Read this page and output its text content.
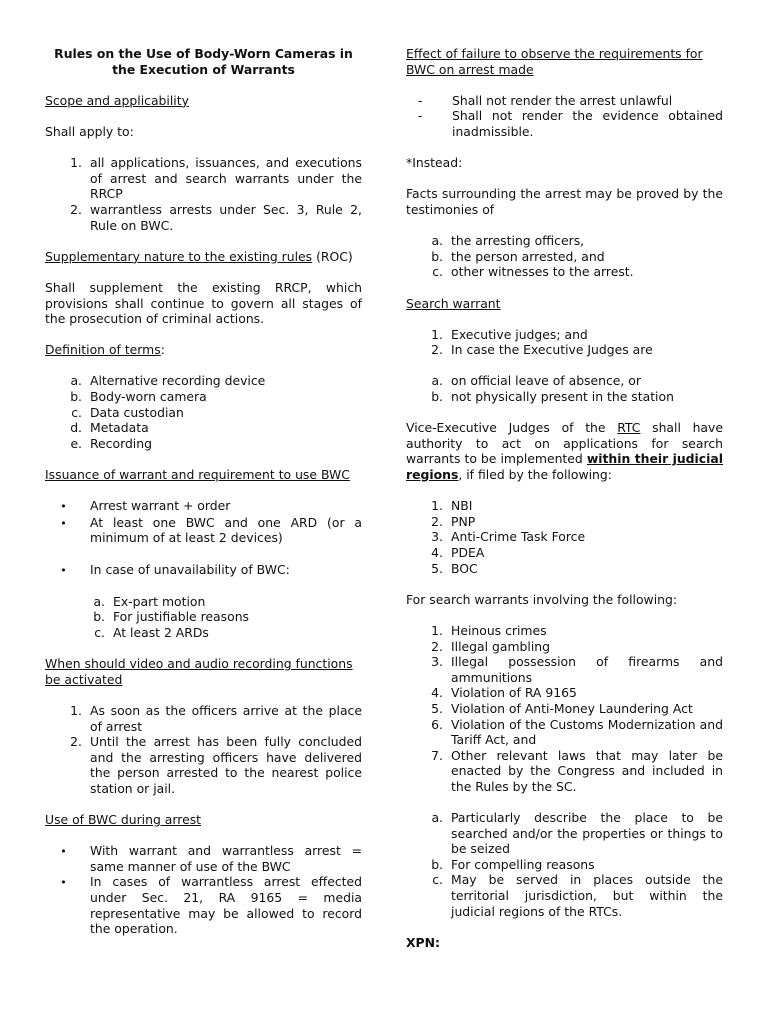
Rules on the Use of Body-Worn Cameras in the Execution of Warrants

Scope and applicability

Shall apply to:

1. all applications, issuances, and executions of arrest and search warrants under the RRCP
2. warrantless arrests under Sec. 3, Rule 2, Rule on BWC.

Supplementary nature to the existing rules (ROC)

Shall supplement the existing RRCP, which provisions shall continue to govern all stages of the prosecution of criminal actions.

Definition of terms:

a. Alternative recording device
b. Body-worn camera
c. Data custodian
d. Metadata
e. Recording

Issuance of warrant and requirement to use BWC

•
Arrest warrant + order
•
At least one BWC and one ARD (or a minimum of at least 2 devices)
•
In case of unavailability of BWC:
a. Ex-part motion
b. For justifiable reasons
c. At least 2 ARDs

When should video and audio recording functions be activated

1. As soon as the officers arrive at the place of arrest
2. Until the arrest has been fully concluded and the arresting officers have delivered the person arrested to the nearest police station or jail.

Use of BWC during arrest

•
With warrant and warrantless arrest = same manner of use of the BWC
•
In cases of warrantless arrest effected under Sec. 21, RA 9165 = media representative may be allowed to record the operation.

Effect of failure to observe the requirements for BWC on arrest made

-	Shall not render the arrest unlawful
-	Shall not render the evidence obtained inadmissible.

*Instead:

Facts surrounding the arrest may be proved by the testimonies of

a. the arresting officers,
b. the person arrested, and
c. other witnesses to the arrest.

Search warrant

1. Executive judges; and
2. In case the Executive Judges are
a. on official leave of absence, or
b. not physically present in the station

Vice-Executive Judges of the RTC shall have authority to act on applications for search warrants to be implemented within their judicial regions, if filed by the following:

1. NBI
2. PNP
3. Anti-Crime Task Force
4. PDEA
5. BOC

For search warrants involving the following:

1. Heinous crimes
2. Illegal gambling
3. Illegal possession of firearms and ammunitions
4. Violation of RA 9165
5. Violation of Anti-Money Laundering Act
6. Violation of the Customs Modernization and Tariff Act, and
7. Other relevant laws that may later be enacted by the Congress and included in the Rules by the SC.
a. Particularly describe the place to be searched and/or the properties or things to be seized
b. For compelling reasons
c. May be served in places outside the territorial jurisdiction, but within the judicial regions of the RTCs.

XPN:
